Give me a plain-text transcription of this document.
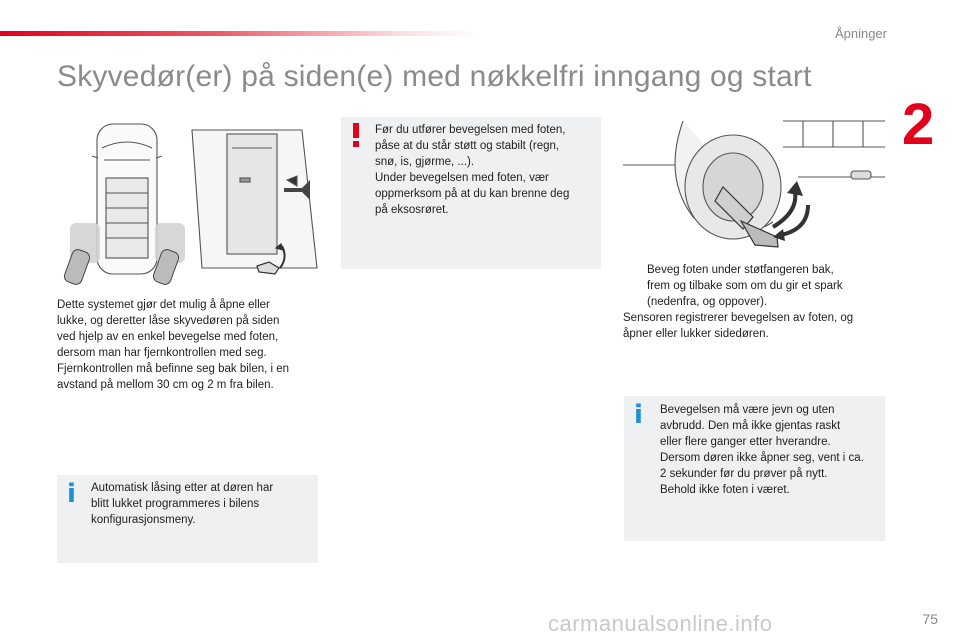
Åpninger
2
Skyvedør(er) på siden(e) med nøkkelfri inngang og start
Dette systemet gjør det mulig å åpne eller
lukke, og deretter låse skyvedøren på siden
ved hjelp av en enkel bevegelse med foten,
dersom man har fjernkontrollen med seg.
Fjernkontrollen må befinne seg bak bilen, i en
avstand på mellom 30 cm og 2 m fra bilen.
i Automatisk låsing etter at døren har

blitt lukket programmeres i bilens

konfigurasjonsmeny.

Før du utfører bevegelsen med foten,

påse at du står støtt og stabilt (regn,

snø, is, gjørme, ...).

Under bevegelsen med foten, vær

oppmerksom på at du kan brenne deg

på eksosrøret.

Beveg foten under støtfangeren bak,
frem og tilbake som om du gir et spark
(nedenfra, og oppover).
Sensoren registrerer bevegelsen av foten, og
åpner eller lukker sidedøren.
i Bevegelsen må være jevn og uten

avbrudd. Den må ikke gjentas raskt

eller flere ganger etter hverandre.

Dersom døren ikke åpner seg, vent i ca.

2 sekunder før du prøver på nytt.

Behold ikke foten i været.

carmanualsonline.info	75
